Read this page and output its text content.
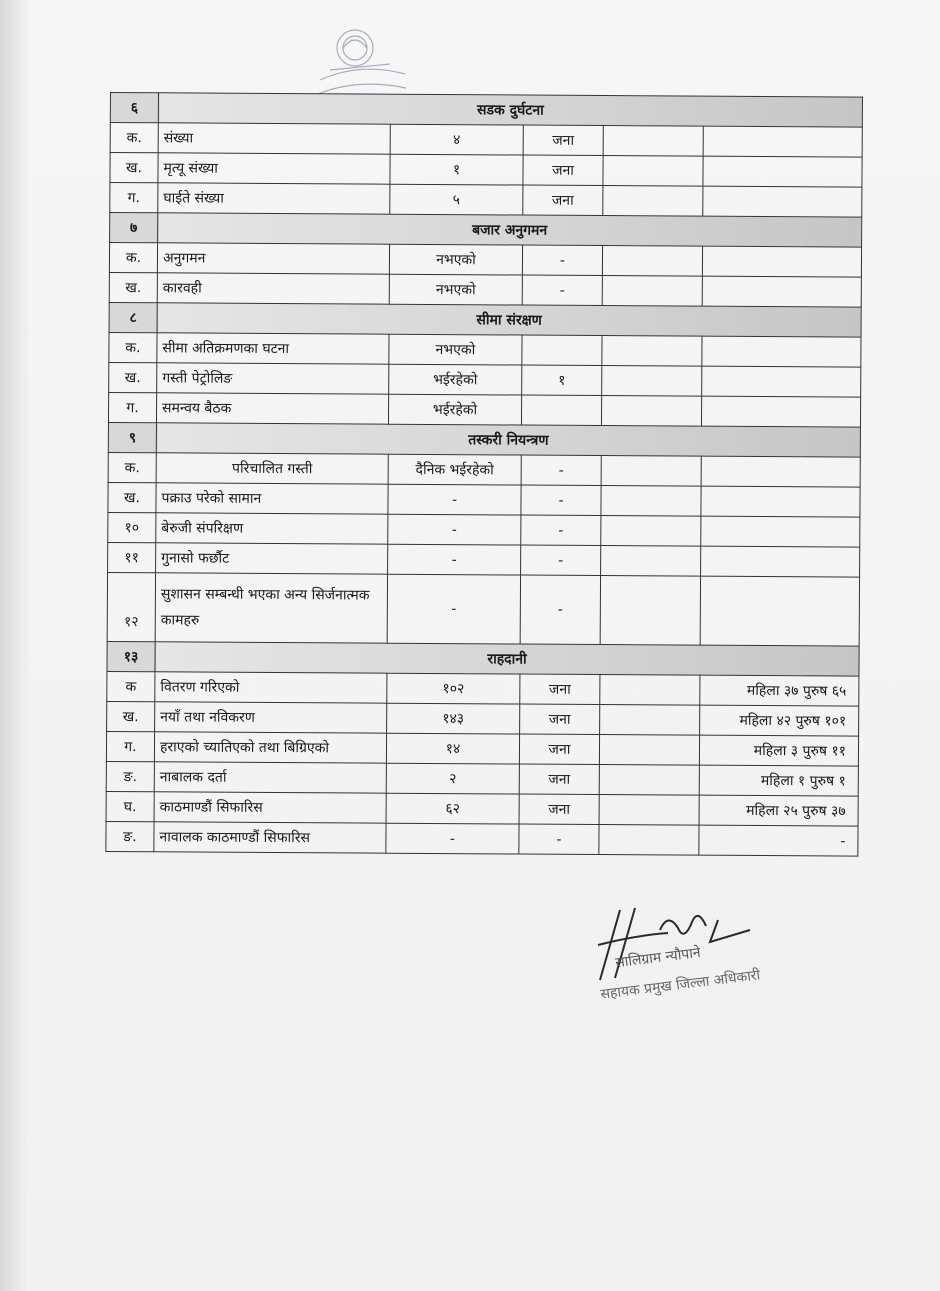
६	सडक दुर्घटना				
क.	संख्या	४	जना		
ख.	मृत्यू संख्या	१	जना		
ग.	घाईते संख्या	५	जना		
७	बजार अनुगमन				
क.	अनुगमन	नभएको	-		
ख.	कारवही	नभएको	-		
८	सीमा संरक्षण				
क.	सीमा अतिक्रमणका घटना	नभएको			
ख.	गस्ती पेट्रोलिङ	भईरहेको	१		
ग.	समन्वय बैठक	भईरहेको			
९	तस्करी नियन्त्रण				
क.	परिचालित गस्ती	दैनिक भईरहेको	-		
ख.	पक्राउ परेको सामान	-	-		
१०	बेरुजी संपरिक्षण	-	-		
११	गुनासो फर्छौट	-	-		
१२	सुशासन सम्बन्धी भएका अन्य सिर्जनात्मक कामहरु	-	-		
१३	राहदानी				
क	वितरण गरिएको	१०२	जना		महिला ३७ पुरुष ६५
ख.	नयाँ तथा नविकरण	१४३	जना		महिला ४२ पुरुष १०१
ग.	हराएको च्यातिएको तथा बिग्रिएको	१४	जना		महिला ३ पुरुष ११
ङ.	नाबालक दर्ता	२	जना		महिला १ पुरुष १
घ.	काठमाण्डौं सिफारिस	६२	जना		महिला २५ पुरुष ३७
ङ.	नावालक काठमाण्डौं सिफारिस	-	-		-
सालिग्राम न्यौपाने
सहायक प्रमुख जिल्ला अधिकारी
